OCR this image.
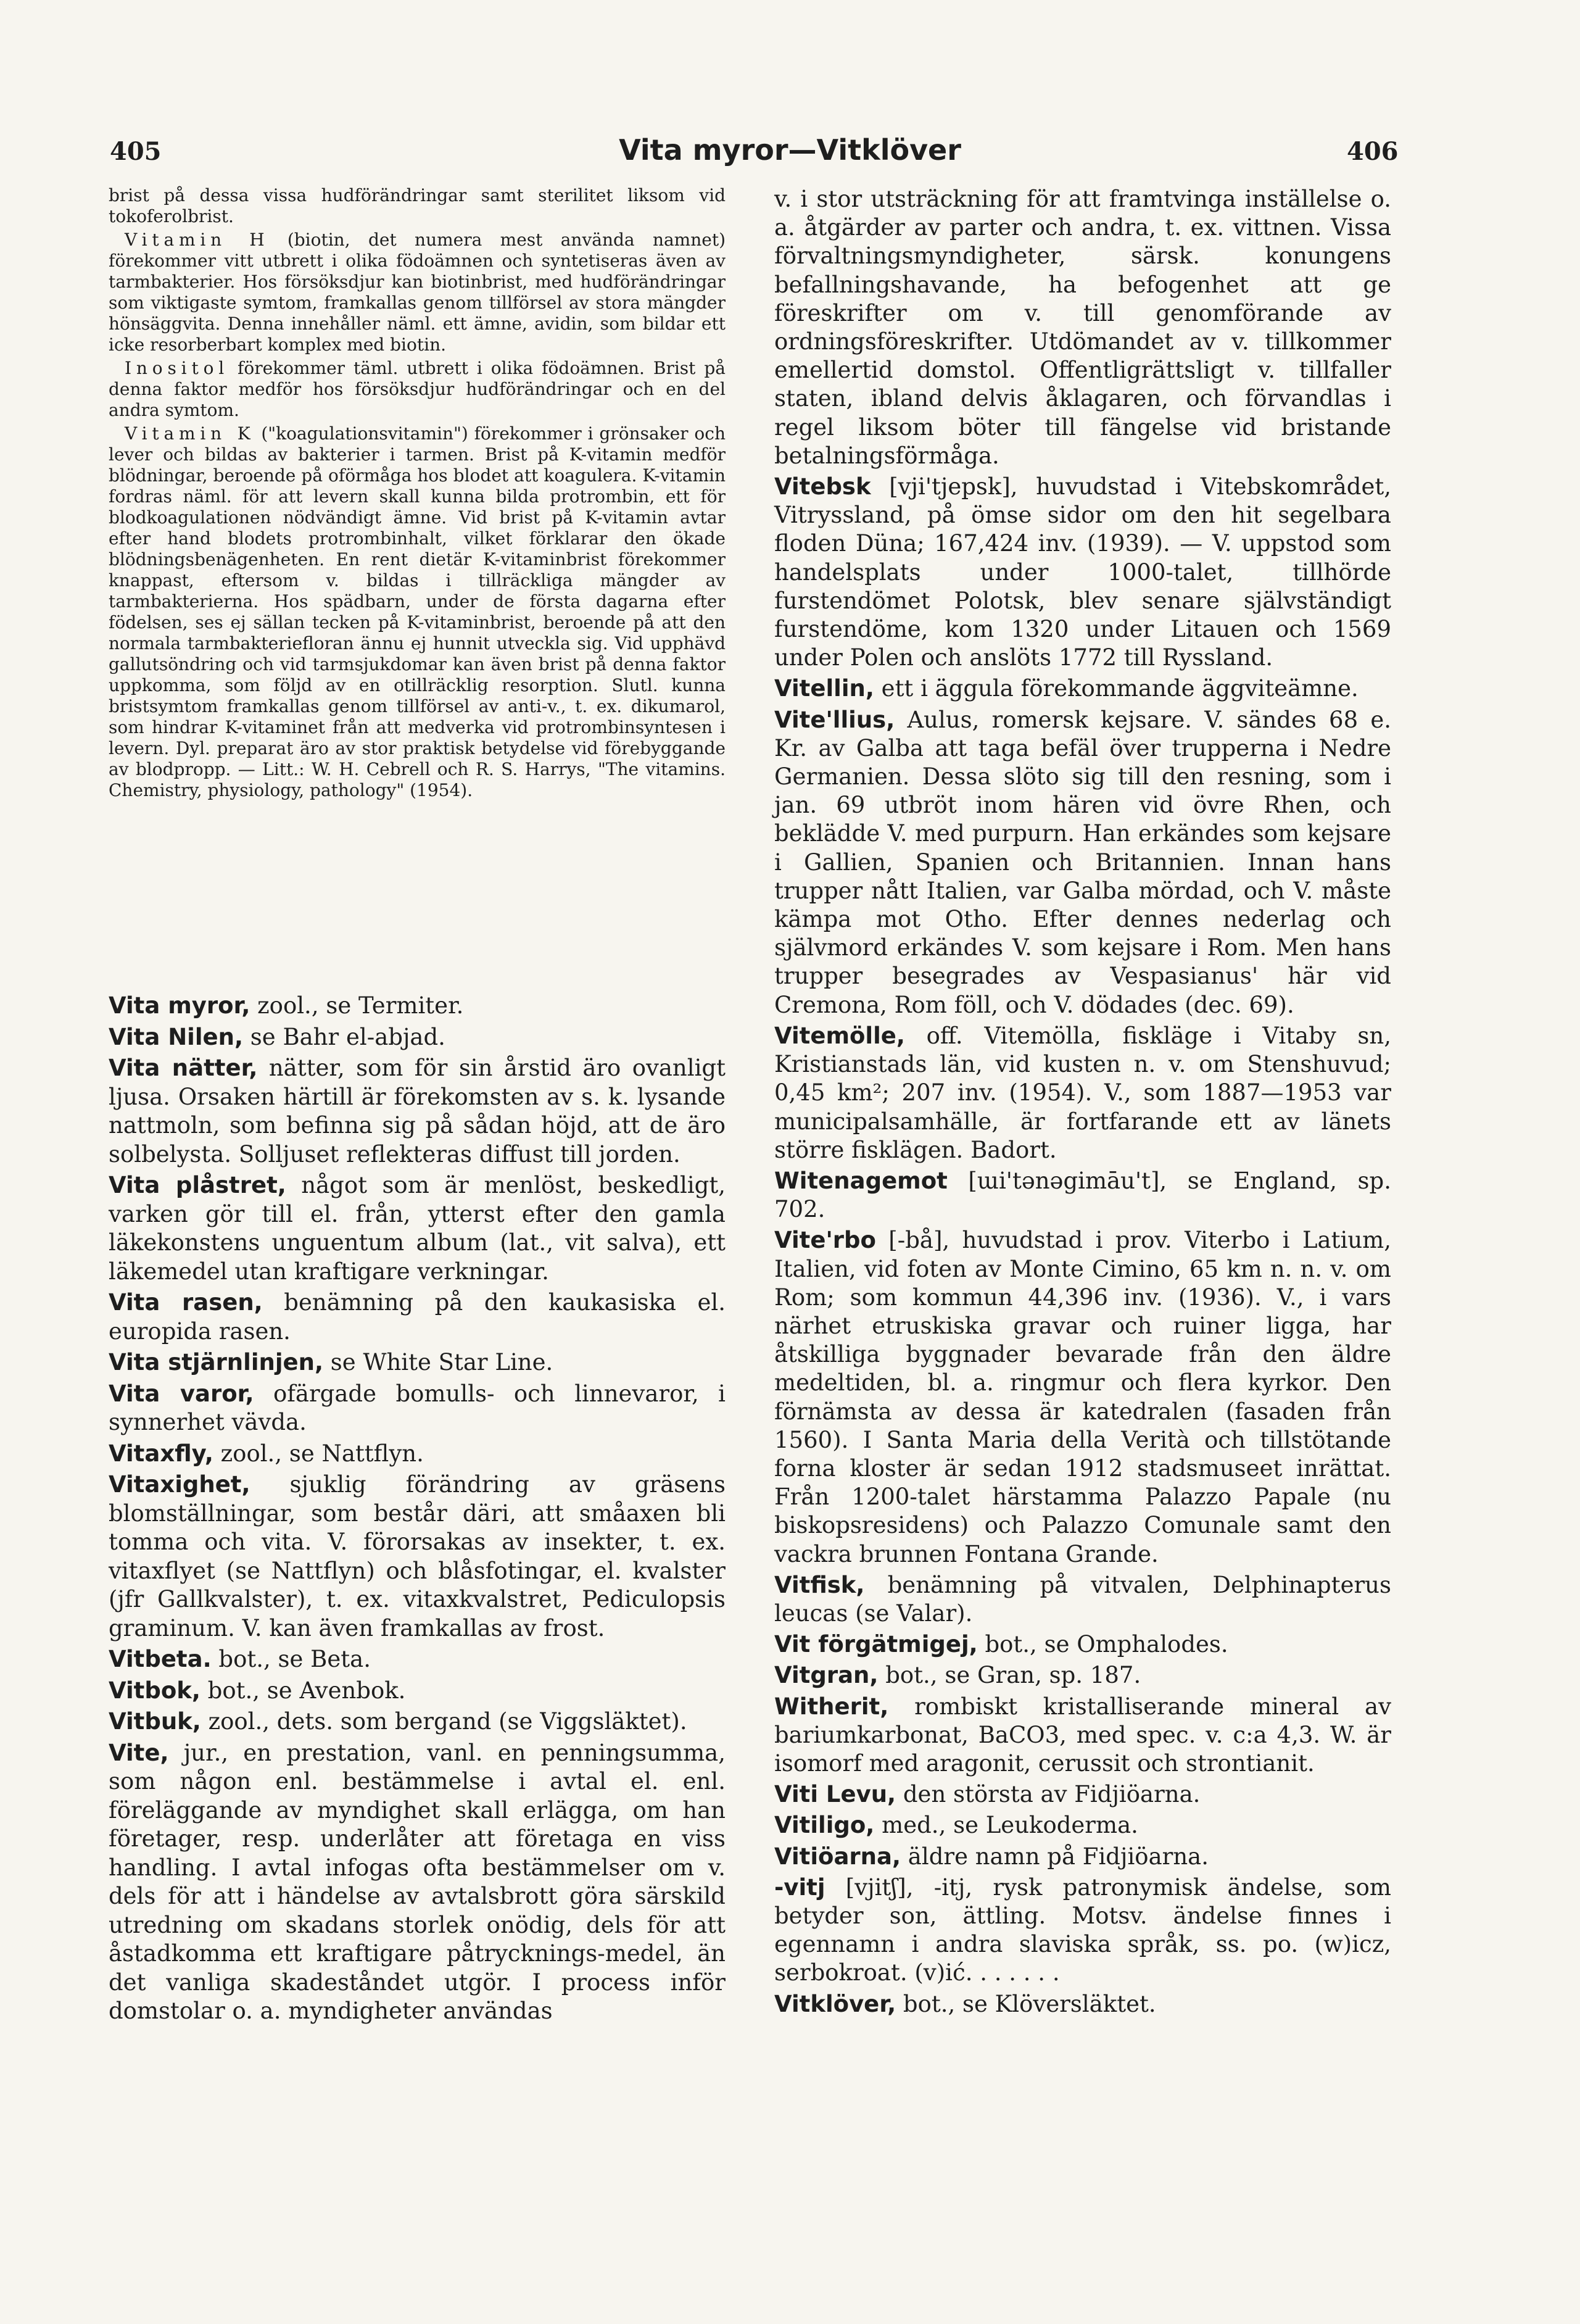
405	Vita myror—Vitklöver	406

brist på dessa vissa hudförändringar samt sterilitet liksom vid tokoferolbrist.

Vitamin H (biotin, det numera mest använda namnet) förekommer vitt utbrett i olika födoämnen och syntetiseras även av tarmbakterier. Hos försöksdjur kan biotinbrist, med hudförändringar som viktigaste symtom, framkallas genom tillförsel av stora mängder hönsäggvita. Denna innehåller näml. ett ämne, avidin, som bildar ett icke resorberbart komplex med biotin.

Inositol förekommer täml. utbrett i olika födoämnen. Brist på denna faktor medför hos försöksdjur hudförändringar och en del andra symtom.

Vitamin K ("koagulationsvitamin") förekommer i grönsaker och lever och bildas av bakterier i tarmen. Brist på K-vitamin medför blödningar, beroende på oförmåga hos blodet att koagulera. K-vitamin fordras näml. för att levern skall kunna bilda protrombin, ett för blodkoagulationen nödvändigt ämne. Vid brist på K-vitamin avtar efter hand blodets protrombinhalt, vilket förklarar den ökade blödningsbenägenheten. En rent dietär K-vitaminbrist förekommer knappast, eftersom v. bildas i tillräckliga mängder av tarmbakterierna. Hos spädbarn, under de första dagarna efter födelsen, ses ej sällan tecken på K-vitaminbrist, beroende på att den normala tarmbakteriefloran ännu ej hunnit utveckla sig. Vid upphävd gallutsöndring och vid tarmsjukdomar kan även brist på denna faktor uppkomma, som följd av en otillräcklig resorption. Slutl. kunna bristsymtom framkallas genom tillförsel av anti-v., t. ex. dikumarol, som hindrar K-vitaminet från att medverka vid protrombinsyntesen i levern. Dyl. preparat äro av stor praktisk betydelse vid förebyggande av blodpropp. — Litt.: W. H. Cebrell och R. S. Harrys, "The vitamins. Chemistry, physiology, pathology" (1954).

Vita myror, zool., se Termiter.

Vita Nilen, se Bahr el-abjad.

Vita nätter, nätter, som för sin årstid äro ovanligt ljusa. Orsaken härtill är förekomsten av s. k. lysande nattmoln, som befinna sig på sådan höjd, att de äro solbelysta. Solljuset reflekteras diffust till jorden.

Vita plåstret, något som är menlöst, beskedligt, varken gör till el. från, ytterst efter den gamla läkekonstens unguentum album (lat., vit salva), ett läkemedel utan kraftigare verkningar.

Vita rasen, benämning på den kaukasiska el. europida rasen.

Vita stjärnlinjen, se White Star Line.

Vita varor, ofärgade bomulls- och linnevaror, i synnerhet vävda.

Vitaxfly, zool., se Nattflyn.

Vitaxighet, sjuklig förändring av gräsens blomställningar, som består däri, att småaxen bli tomma och vita. V. förorsakas av insekter, t. ex. vitaxflyet (se Nattflyn) och blåsfotingar, el. kvalster (jfr Gallkvalster), t. ex. vitaxkvalstret, Pediculopsis graminum. V. kan även framkallas av frost.

Vitbeta. bot., se Beta.

Vitbok, bot., se Avenbok.

Vitbuk, zool., dets. som bergand (se Viggsläktet).

Vite, jur., en prestation, vanl. en penningsumma, som någon enl. bestämmelse i avtal el. enl. föreläggande av myndighet skall erlägga, om han företager, resp. underlåter att företaga en viss handling. I avtal infogas ofta bestämmelser om v. dels för att i händelse av avtalsbrott göra särskild utredning om skadans storlek onödig, dels för att åstadkomma ett kraftigare påtrycknings-medel, än det vanliga skadeståndet utgör. I process inför domstolar o. a. myndigheter användas

v. i stor utsträckning för att framtvinga inställelse o. a. åtgärder av parter och andra, t. ex. vittnen. Vissa förvaltningsmyndigheter, särsk. konungens befallningshavande, ha befogenhet att ge föreskrifter om v. till genomförande av ordningsföreskrifter. Utdömandet av v. tillkommer emellertid domstol. Offentligrättsligt v. tillfaller staten, ibland delvis åklagaren, och förvandlas i regel liksom böter till fängelse vid bristande betalningsförmåga.

Vitebsk [vji'tjepsk], huvudstad i Vitebskområdet, Vitryssland, på ömse sidor om den hit segelbara floden Düna; 167,424 inv. (1939). — V. uppstod som handelsplats under 1000-talet, tillhörde furstendömet Polotsk, blev senare självständigt furstendöme, kom 1320 under Litauen och 1569 under Polen och anslöts 1772 till Ryssland.

Vitellin, ett i äggula förekommande äggviteämne.

Vite'llius, Aulus, romersk kejsare. V. sändes 68 e. Kr. av Galba att taga befäl över trupperna i Nedre Germanien. Dessa slöto sig till den resning, som i jan. 69 utbröt inom hären vid övre Rhen, och beklädde V. med purpurn. Han erkändes som kejsare i Gallien, Spanien och Britannien. Innan hans trupper nått Italien, var Galba mördad, och V. måste kämpa mot Otho. Efter dennes nederlag och självmord erkändes V. som kejsare i Rom. Men hans trupper besegrades av Vespasianus' här vid Cremona, Rom föll, och V. dödades (dec. 69).

Vitemölle, off. Vitemölla, fiskläge i Vitaby sn, Kristianstads län, vid kusten n. v. om Stenshuvud; 0,45 km²; 207 inv. (1954). V., som 1887—1953 var municipalsamhälle, är fortfarande ett av länets större fisklägen. Badort.

Witenagemot [ɯi'tənəgimāu't], se England, sp. 702.

Vite'rbo [-bå], huvudstad i prov. Viterbo i Latium, Italien, vid foten av Monte Cimino, 65 km n. n. v. om Rom; som kommun 44,396 inv. (1936). V., i vars närhet etruskiska gravar och ruiner ligga, har åtskilliga byggnader bevarade från den äldre medeltiden, bl. a. ringmur och flera kyrkor. Den förnämsta av dessa är katedralen (fasaden från 1560). I Santa Maria della Verità och tillstötande forna kloster är sedan 1912 stadsmuseet inrättat. Från 1200-talet härstamma Palazzo Papale (nu biskopsresidens) och Palazzo Comunale samt den vackra brunnen Fontana Grande.

Vitfisk, benämning på vitvalen, Delphinapterus leucas (se Valar).

Vit förgätmigej, bot., se Omphalodes.

Vitgran, bot., se Gran, sp. 187.

Witherit, rombiskt kristalliserande mineral av bariumkarbonat, BaCO3, med spec. v. c:a 4,3. W. är isomorf med aragonit, cerussit och strontianit.

Viti Levu, den största av Fidjiöarna.

Vitiligo, med., se Leukoderma.

Vitiöarna, äldre namn på Fidjiöarna.

-vitj [vjitʃ], -itj, rysk patronymisk ändelse, som betyder son, ättling. Motsv. ändelse finnes i egennamn i andra slaviska språk, ss. po. (w)icz, serbokroat. (v)ić. . . . . . .

Vitklöver, bot., se Klöversläktet.
